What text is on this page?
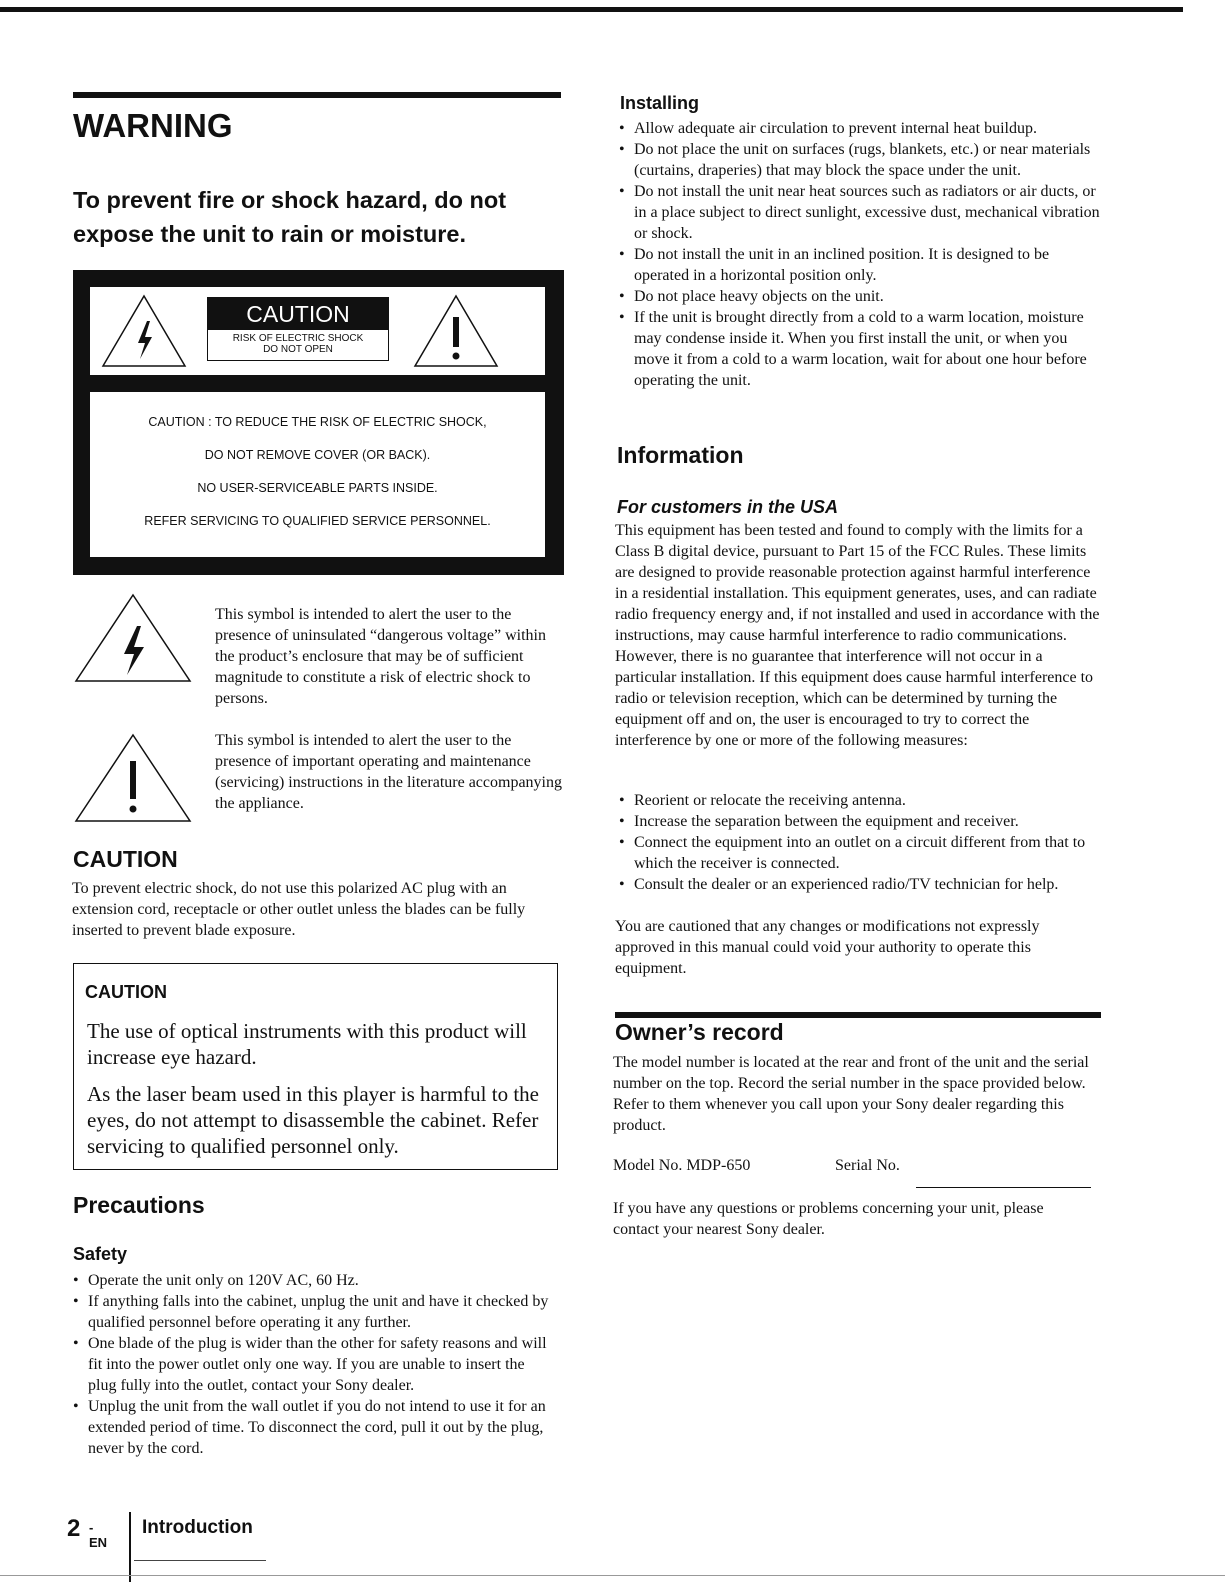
WARNING
To prevent fire or shock hazard, do not expose the unit to rain or moisture.
CAUTION
RISK OF ELECTRIC SHOCK
DO NOT OPEN
CAUTION : TO REDUCE THE RISK OF ELECTRIC SHOCK,
DO NOT REMOVE COVER (OR BACK).
NO USER-SERVICEABLE PARTS INSIDE.
REFER SERVICING TO QUALIFIED SERVICE PERSONNEL.
This symbol is intended to alert the user to the presence of uninsulated “dangerous voltage” within the product’s enclosure that may be of sufficient magnitude to constitute a risk of electric shock to persons.
This symbol is intended to alert the user to the presence of important operating and maintenance (servicing) instructions in the literature accompanying the appliance.
CAUTION
To prevent electric shock, do not use this polarized AC plug with an extension cord, receptacle or other outlet unless the blades can be fully inserted to prevent blade exposure.
CAUTION
The use of optical instruments with this product will increase eye hazard.
As the laser beam used in this player is harmful to the eyes, do not attempt to disassemble the cabinet. Refer servicing to qualified personnel only.
Precautions
Safety
• Operate the unit only on 120V AC, 60 Hz.
• If anything falls into the cabinet, unplug the unit and have it checked by qualified personnel before operating it any further.
• One blade of the plug is wider than the other for safety reasons and will fit into the power outlet only one way. If you are unable to insert the plug fully into the outlet, contact your Sony dealer.
• Unplug the unit from the wall outlet if you do not intend to use it for an extended period of time. To disconnect the cord, pull it out by the plug, never by the cord.
Installing
• Allow adequate air circulation to prevent internal heat buildup.
• Do not place the unit on surfaces (rugs, blankets, etc.) or near materials (curtains, draperies) that may block the space under the unit.
• Do not install the unit near heat sources such as radiators or air ducts, or in a place subject to direct sunlight, excessive dust, mechanical vibration or shock.
• Do not install the unit in an inclined position. It is designed to be operated in a horizontal position only.
• Do not place heavy objects on the unit.
• If the unit is brought directly from a cold to a warm location, moisture may condense inside it. When you first install the unit, or when you move it from a cold to a warm location, wait for about one hour before operating the unit.
Information
For customers in the USA
This equipment has been tested and found to comply with the limits for a Class B digital device, pursuant to Part 15 of the FCC Rules. These limits are designed to provide reasonable protection against harmful interference in a residential installation. This equipment generates, uses, and can radiate radio frequency energy and, if not installed and used in accordance with the instructions, may cause harmful interference to radio communications. However, there is no guarantee that interference will not occur in a particular installation. If this equipment does cause harmful interference to radio or television reception, which can be determined by turning the equipment off and on, the user is encouraged to try to correct the interference by one or more of the following measures:
• Reorient or relocate the receiving antenna.
• Increase the separation between the equipment and receiver.
• Connect the equipment into an outlet on a circuit different from that to which the receiver is connected.
• Consult the dealer or an experienced radio/TV technician for help.
You are cautioned that any changes or modifications not expressly approved in this manual could void your authority to operate this equipment.
Owner’s record
The model number is located at the rear and front of the unit and the serial number on the top. Record the serial number in the space provided below. Refer to them whenever you call upon your Sony dealer regarding this product.
Model No. MDP-650	Serial No.
If you have any questions or problems concerning your unit, please contact your nearest Sony dealer.
2 -EN
Introduction
